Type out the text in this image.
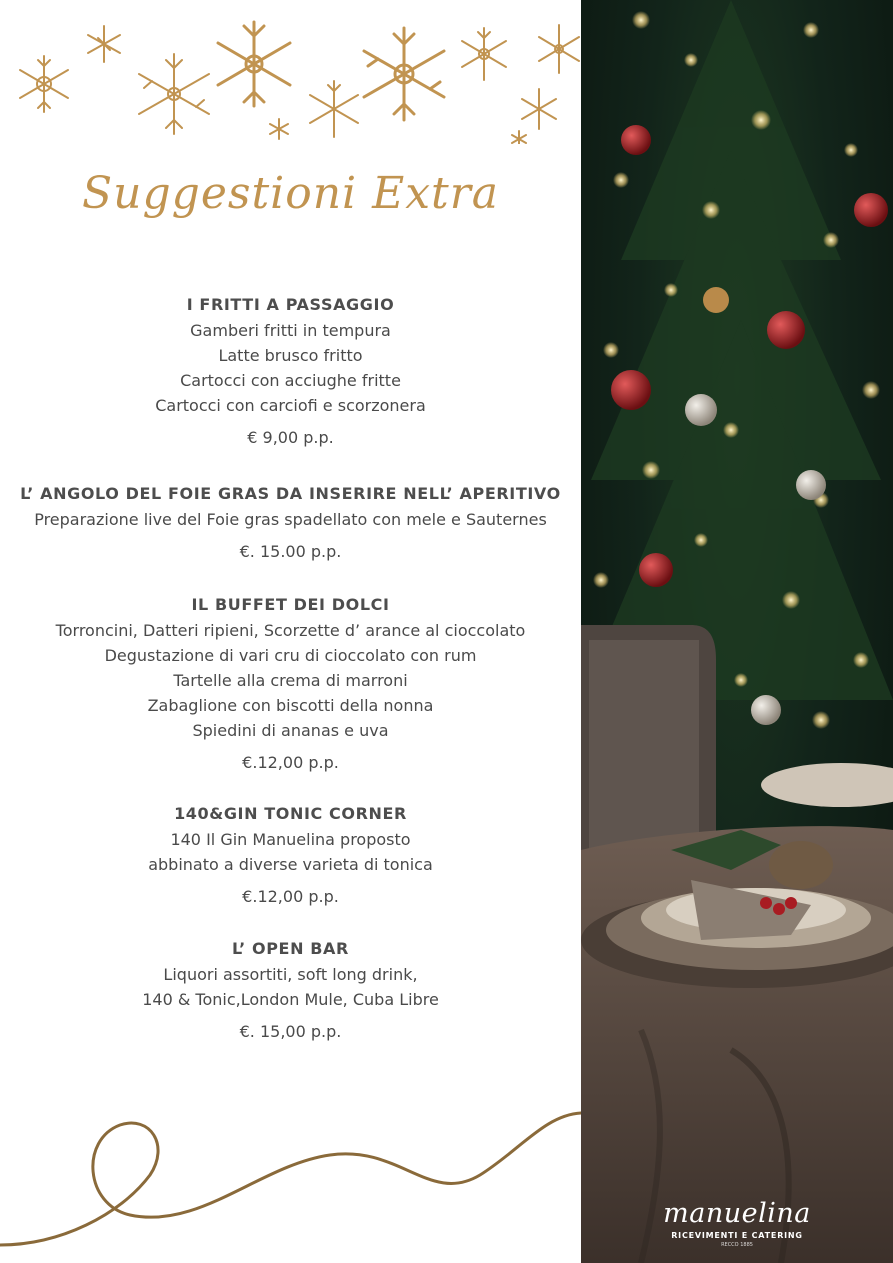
Suggestioni Extra
I FRITTI A PASSAGGIO
Gamberi fritti in tempura
Latte brusco fritto
Cartocci con acciughe fritte
Cartocci con carciofi e scorzonera
€ 9,00 p.p.
L’ ANGOLO DEL FOIE GRAS DA INSERIRE NELL’ APERITIVO
Preparazione live del Foie gras spadellato con mele e Sauternes
€. 15.00 p.p.
IL BUFFET DEI DOLCI
Torroncini, Datteri ripieni, Scorzette d’ arance al cioccolato
Degustazione di vari cru di cioccolato con rum
Tartelle alla crema di marroni
Zabaglione con biscotti della nonna
Spiedini di ananas e uva
€.12,00 p.p.
140&GIN TONIC CORNER
140 Il Gin Manuelina proposto
abbinato a diverse varieta di tonica
€.12,00 p.p.
L’ OPEN BAR
Liquori assortiti, soft long drink,
140 & Tonic,London Mule, Cuba Libre
€. 15,00 p.p.
manuelina
RICEVIMENTI E CATERING
RECCO 1885
